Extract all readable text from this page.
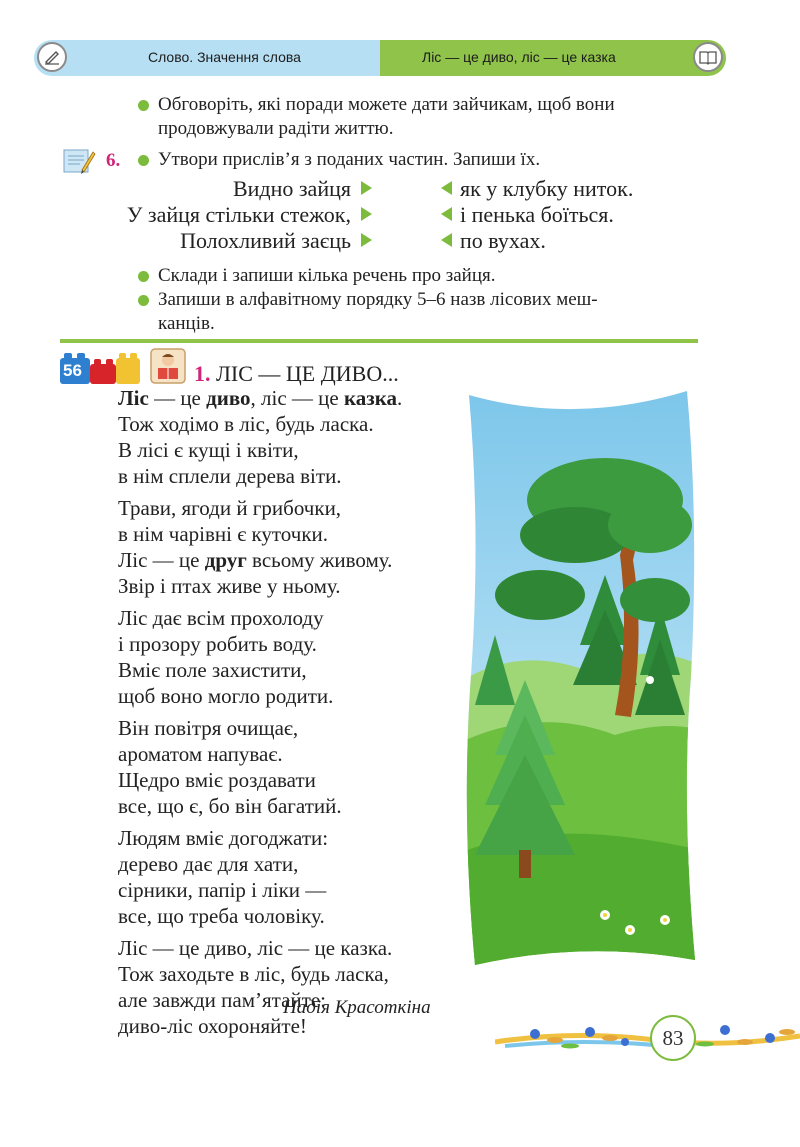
Слово. Значення слова	Ліс — це диво, ліс — це казка
Обговоріть, які поради можете дати зайчикам, щоб вони
продовжували радіти життю.
6. Утвори прислів’я з поданих частин. Запиши їх.
Видно зайця
У зайця стільки стежок,
Полохливий заєць
як у клубку ниток.
і пенька боїться.
по вухах.
Склади і запиши кілька речень про зайця.
Запиши в алфавітному порядку 5–6 назв лісових меш-
канців.
56	1. ЛІС — ЦЕ ДИВО...
Ліс — це диво, ліс — це казка.
Тож ходімо в ліс, будь ласка.
В лісі є кущі і квіти,
в нім сплели дерева віти.
Трави, ягоди й грибочки,
в нім чарівні є куточки.
Ліс — це друг всьому живому.
Звір і птах живе у ньому.
Ліс дає всім прохолоду
і прозору робить воду.
Вміє поле захистити,
щоб воно могло родити.
Він повітря очищає,
ароматом напуває.
Щедро вміє роздавати
все, що є, бо він багатий.
Людям вміє догоджати:
дерево дає для хати,
сірники, папір і ліки —
все, що треба чоловіку.
Ліс — це диво, ліс — це казка.
Тож заходьте в ліс, будь ласка,
але завжди пам’ятайте:
диво-ліс охороняйте!
Надія Красоткіна
83
